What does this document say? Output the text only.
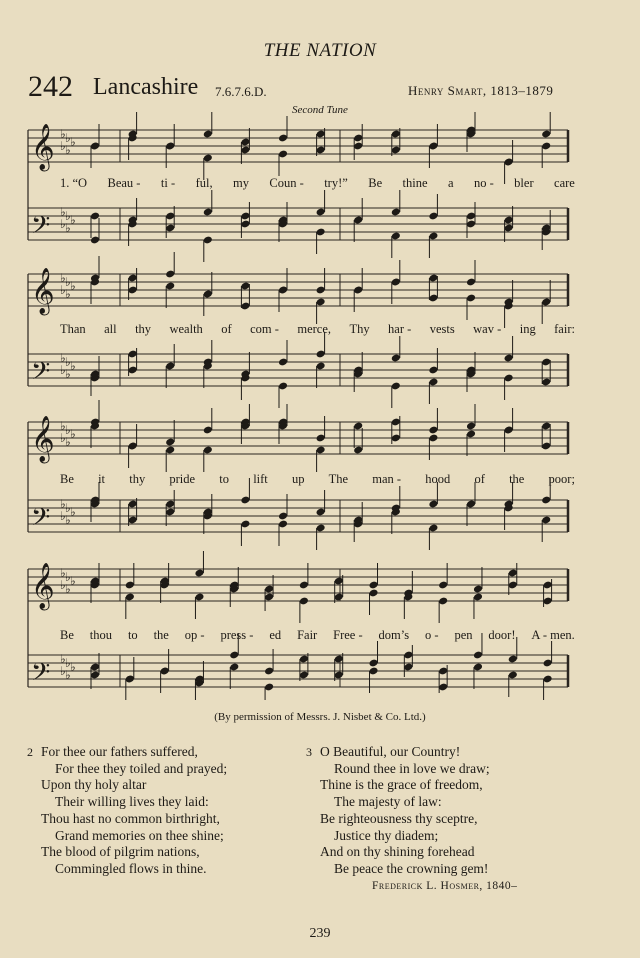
THE NATION
242 Lancashire 7.6.7.6.D.	Henry Smart, 1813–1879
Second Tune
𝄞 ♭ ♭ ♭
♭ ♭
𝄢 ♭ ♭ ♭
♭ ♭
𝄞 ♭ ♭ ♭
♭ ♭
𝄢 ♭ ♭ ♭
♭ ♭
𝄞 ♭ ♭ ♭
♭ ♭
𝄢 ♭ ♭ ♭
♭ ♭
𝄞 ♭ ♭ ♭
♭ ♭
𝄢 ♭ ♭ ♭
♭ ♭
1. “O Beau - ti - ful, my Coun - try!” Be thine a no - bler care
Than all thy wealth of com - merce, Thy har - vests wav - ing fair:
Be it thy pride to lift up The man - hood of the poor;
Be thou to the op - press - ed Fair Free - dom’s o - pen door! A - men.
(By permission of Messrs. J. Nisbet & Co. Ltd.)
2 For thee our fathers suffered,
For thee they toiled and prayed;
Upon thy holy altar
Their willing lives they laid:
Thou hast no common birthright,
Grand memories on thee shine;
The blood of pilgrim nations,
Commingled flows in thine.
3 O Beautiful, our Country!
Round thee in love we draw;
Thine is the grace of freedom,
The majesty of law:
Be righteousness thy sceptre,
Justice thy diadem;
And on thy shining forehead
Be peace the crowning gem!
Frederick L. Hosmer, 1840–
239
